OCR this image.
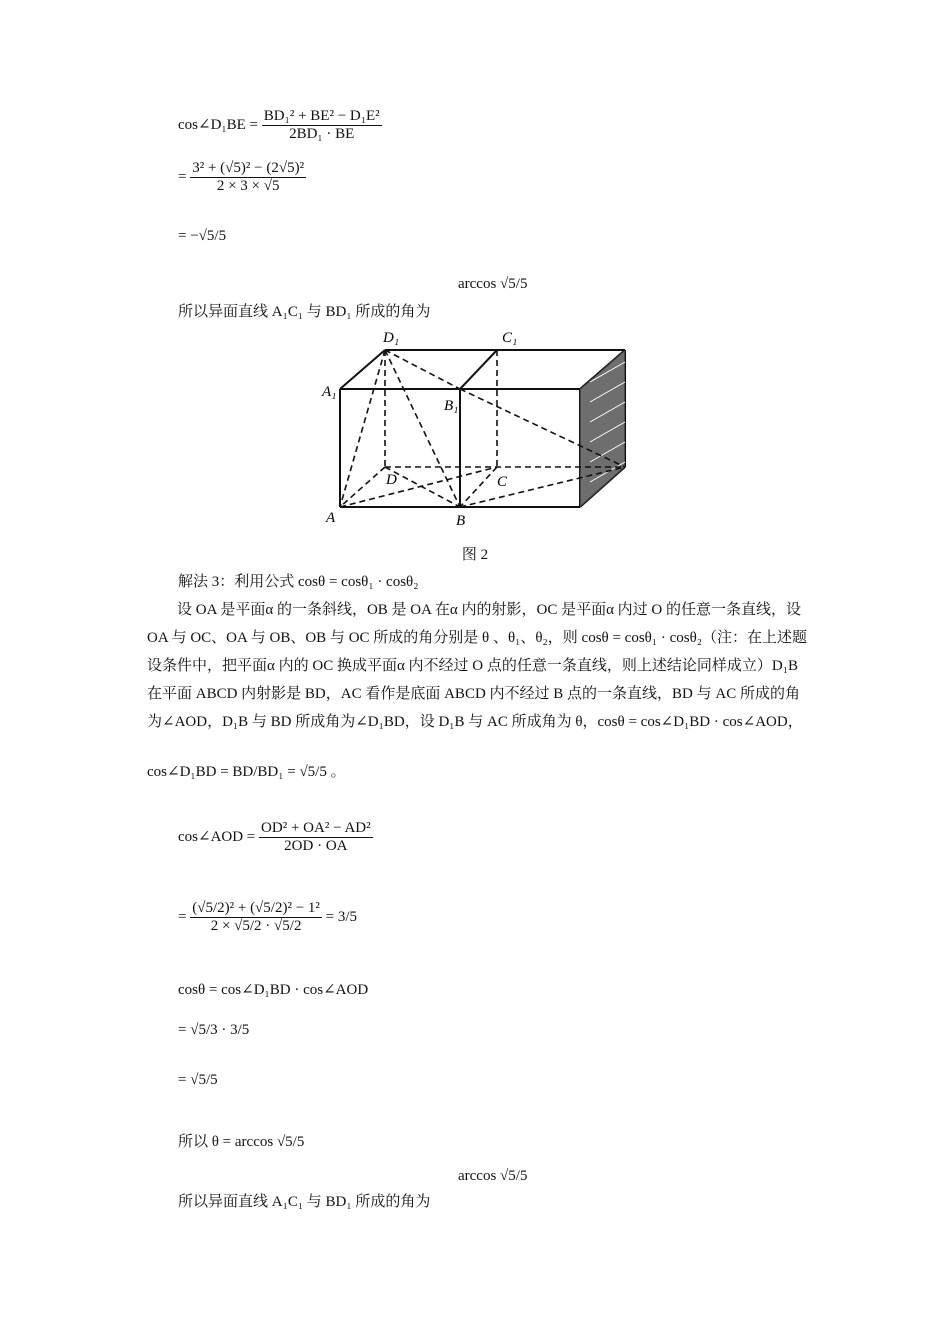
cos∠D₁BE = $\frac{\text{BD₁² + BE² − D₁E²}}{\text{2BD₁ · BE}}$
= $\frac{\text{3² + (√5)² − (2√5)²}}{2 \times 3 \times √5}$
= −√5/5
所以异面直线 A₁C₁ 与 BD₁ 所成的角为
arccos √5/5
D₁	C₁
A₁
B₁
D	C
A	B
图 2
解法 3：利用公式 cosθ = cosθ₁ · cosθ₂
设 OA 是平面α 的一条斜线，OB 是 OA 在α 内的射影，OC 是平面α 内过 O 的任意一条直线，设 OA 与 OC、OA 与 OB、OB 与 OC 所成的角分别是 θ 、θ₁、θ₂，则 cosθ = cosθ₁ · cosθ₂（注：在上述题设条件中，把平面α 内的 OC 换成平面α 内不经过 O 点的任意一条直线，则上述结论同样成立）D₁B 在平面 ABCD 内射影是 BD，AC 看作是底面 ABCD 内不经过 B 点的一条直线，BD 与 AC 所成的角为∠AOD，D₁B 与 BD 所成角为∠D₁BD，设 D₁B 与 AC 所成角为 θ，cosθ = cos∠D₁BD · cos∠AOD，
cos∠D₁BD = BD/BD₁ = √5/5 。
cos∠AOD = $\frac{\text{OD² + OA² − AD²}}{2OD \cdot OA}$
= $\frac{\text{(√5/2)² + (√5/2)² − 1²}}{2 \times √5/2 \cdot √5/2} = 3/5$
cosθ = cos∠D₁BD · cos∠AOD
= √5/3 · 3/5
= √5/5
所以 θ = arccos √5/5
所以异面直线 A₁C₁ 与 BD₁ 所成的角为
arccos √5/5
